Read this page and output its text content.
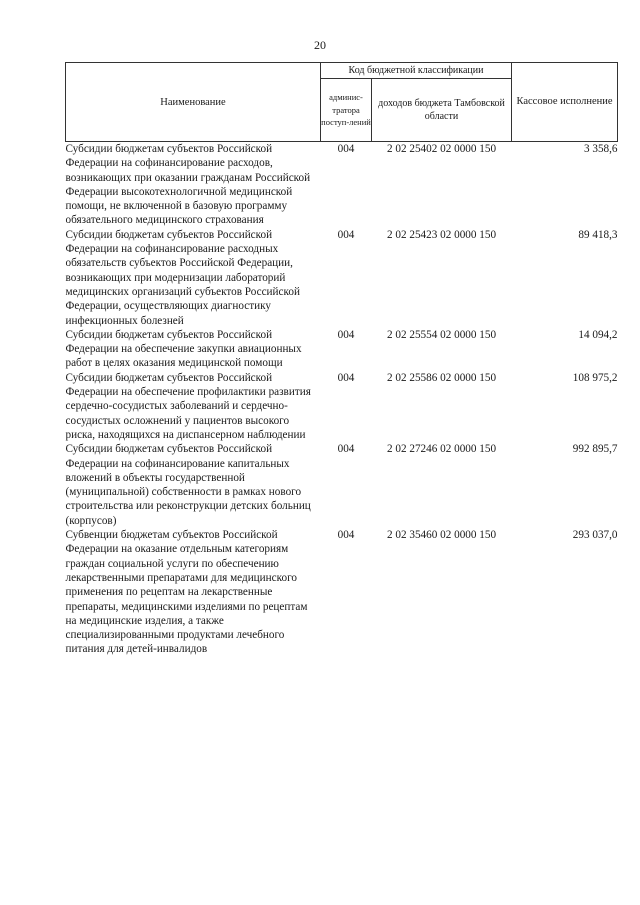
20
Наименование	Код бюджетной классификации		Кассовое исполнение
	админис-тратора поступ-лений	доходов бюджета Тамбовской области	
Субсидии бюджетам субъектов Российской Федерации на софинансирование расходов, возникающих при оказании гражданам Российской Федерации высокотехнологичной медицинской помощи, не включенной в базовую программу обязательного медицинского страхования	004	2 02 25402 02 0000 150	3 358,6
Субсидии бюджетам субъектов Российской Федерации на софинансирование расходных обязательств субъектов Российской Федерации, возникающих при модернизации лабораторий медицинских организаций субъектов Российской Федерации, осуществляющих диагностику инфекционных болезней	004	2 02 25423 02 0000 150	89 418,3
Субсидии бюджетам субъектов Российской Федерации на обеспечение закупки авиационных работ в целях оказания медицинской помощи	004	2 02 25554 02 0000 150	14 094,2
Субсидии бюджетам субъектов Российской Федерации на обеспечение профилактики развития сердечно-сосудистых заболеваний и сердечно-сосудистых осложнений у пациентов высокого риска, находящихся на диспансерном наблюдении	004	2 02 25586 02 0000 150	108 975,2
Субсидии бюджетам субъектов Российской Федерации на софинансирование капитальных вложений в объекты государственной (муниципальной) собственности в рамках нового строительства или реконструкции детских больниц (корпусов)	004	2 02 27246 02 0000 150	992 895,7
Субвенции бюджетам субъектов Российской Федерации на оказание отдельным категориям граждан социальной услуги по обеспечению лекарственными препаратами для медицинского применения по рецептам на лекарственные препараты, медицинскими изделиями по рецептам на медицинские изделия, а также специализированными продуктами лечебного питания для детей-инвалидов	004	2 02 35460 02 0000 150	293 037,0
